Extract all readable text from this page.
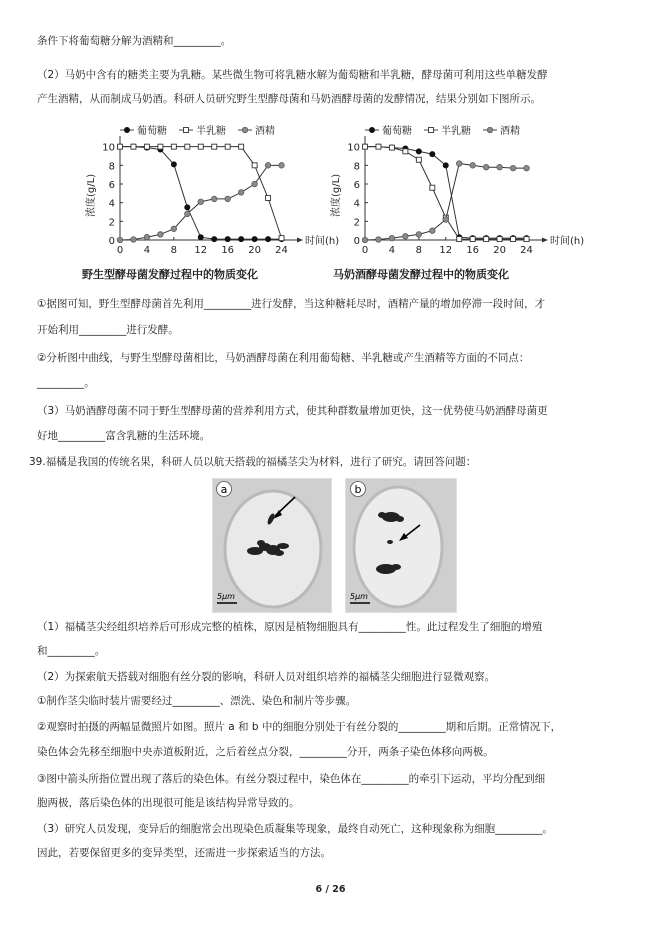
条件下将葡萄糖分解为酒精和_________。
（2）马奶中含有的糖类主要为乳糖。某些微生物可将乳糖水解为葡萄糖和半乳糖，酵母菌可利用这些单糖发酵
产生酒精，从而制成马奶酒。科研人员研究野生型酵母菌和马奶酒酵母菌的发酵情况，结果分别如下图所示。
葡萄糖	半乳糖	酒精
0
2
4
6
8
10
0 4 8 12 16 20 24
时间(h)
浓度(g/L)
野生型酵母菌发酵过程中的物质变化
葡萄糖	半乳糖	酒精
0
2
4
6
8
10
0 4 8 12 16 20 24
时间(h)
浓度(g/L)
马奶酒酵母菌发酵过程中的物质变化
①据图可知，野生型酵母菌首先利用_________进行发酵，当这种糖耗尽时，酒精产量的增加停滞一段时间，才
开始利用_________进行发酵。
②分析图中曲线，与野生型酵母菌相比，马奶酒酵母菌在利用葡萄糖、半乳糖或产生酒精等方面的不同点：
_________。
（3）马奶酒酵母菌不同于野生型酵母菌的营养利用方式，使其种群数量增加更快，这一优势使马奶酒酵母菌更
好地_________富含乳糖的生活环境。
39.福橘是我国的传统名果，科研人员以航天搭载的福橘茎尖为材料，进行了研究。请回答问题：
a
5μm
b
5μm
（1）福橘茎尖经组织培养后可形成完整的植株，原因是植物细胞具有_________性。此过程发生了细胞的增殖
和_________。
（2）为探索航天搭载对细胞有丝分裂的影响，科研人员对组织培养的福橘茎尖细胞进行显微观察。
①制作茎尖临时装片需要经过_________、漂洗、染色和制片等步骤。
②观察时拍摄的两幅显微照片如图。照片 a 和 b 中的细胞分别处于有丝分裂的_________期和后期。正常情况下，
染色体会先移至细胞中央赤道板附近，之后着丝点分裂，_________分开，两条子染色体移向两极。
③图中箭头所指位置出现了落后的染色体。有丝分裂过程中，染色体在_________的牵引下运动，平均分配到细
胞两极，落后染色体的出现很可能是该结构异常导致的。
（3）研究人员发现，变异后的细胞常会出现染色质凝集等现象，最终自动死亡，这种现象称为细胞_________。
因此，若要保留更多的变异类型，还需进一步探索适当的方法。
6 / 26
